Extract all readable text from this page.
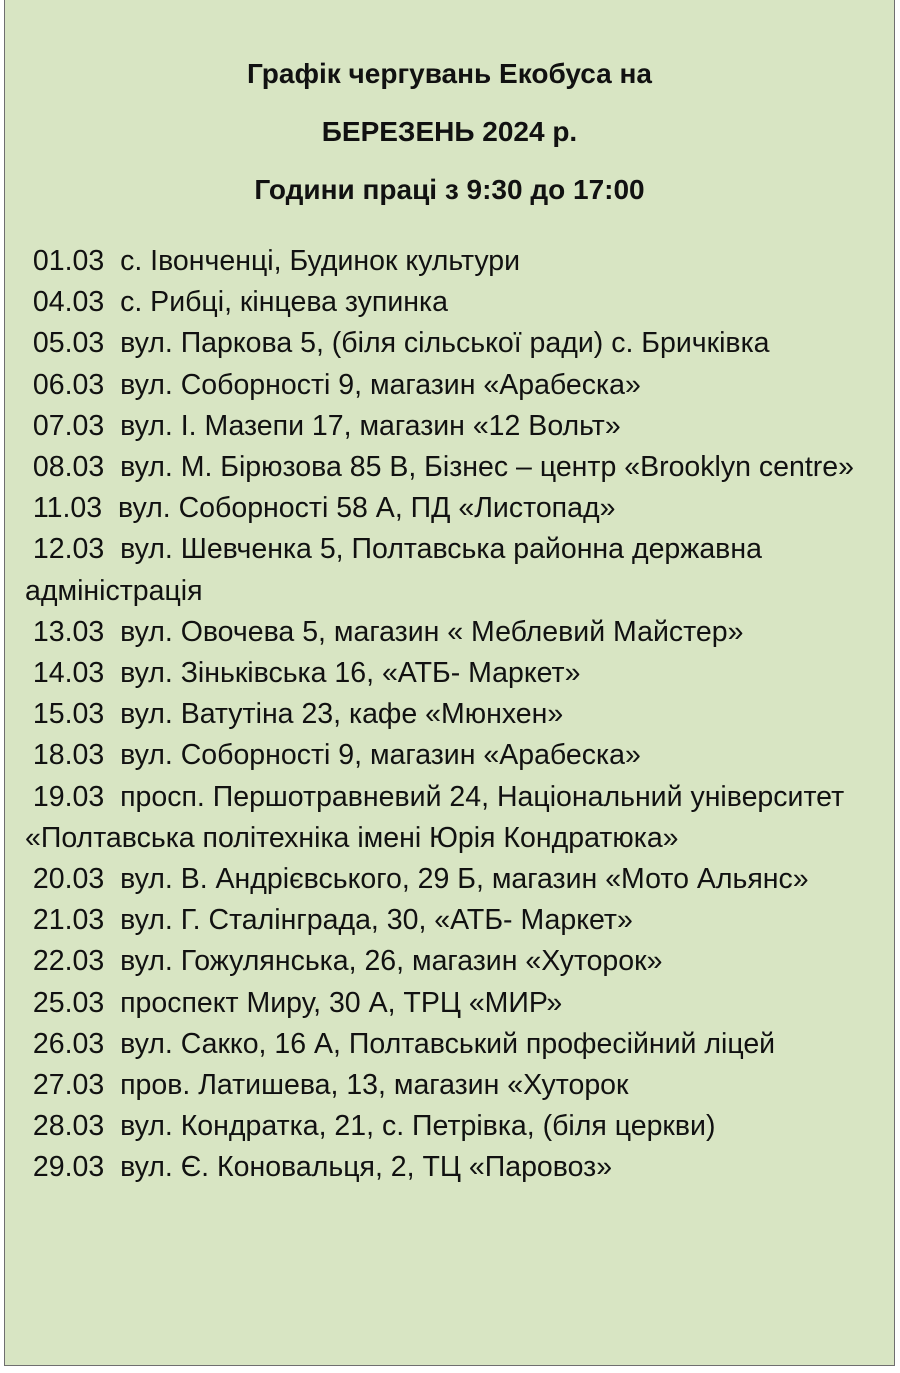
Графік чергувань Екобуса на
БЕРЕЗЕНЬ 2024 р.
Години праці з 9:30 до 17:00
01.03 с. Івонченці, Будинок культури
04.03 с. Рибці, кінцева зупинка
05.03 вул. Паркова 5, (біля сільської ради) с. Бричківка
06.03 вул. Соборності 9, магазин «Арабеска»
07.03 вул. І. Мазепи 17, магазин «12 Вольт»
08.03 вул. М. Бірюзова 85 В, Бізнес – центр «Brooklyn centre»
11.03 вул. Соборності 58 А, ПД «Листопад»
12.03 вул. Шевченка 5, Полтавська районна державна адміністрація
13.03 вул. Овочева 5, магазин « Меблевий Майстер»
14.03 вул. Зіньківська 16, «АТБ- Маркет»
15.03 вул. Ватутіна 23, кафе «Мюнхен»
18.03 вул. Соборності 9, магазин «Арабеска»
19.03 просп. Першотравневий 24, Національний університет «Полтавська політехніка імені Юрія Кондратюка»
20.03 вул. В. Андрієвського, 29 Б, магазин «Мото Альянс»
21.03 вул. Г. Сталінграда, 30, «АТБ- Маркет»
22.03 вул. Гожулянська, 26, магазин «Хуторок»
25.03 проспект Миру, 30 А, ТРЦ «МИР»
26.03 вул. Сакко, 16 А, Полтавський професійний ліцей
27.03 пров. Латишева, 13, магазин «Хуторок
28.03 вул. Кондратка, 21, с. Петрівка, (біля церкви)
29.03 вул. Є. Коновальця, 2, ТЦ «Паровоз»
